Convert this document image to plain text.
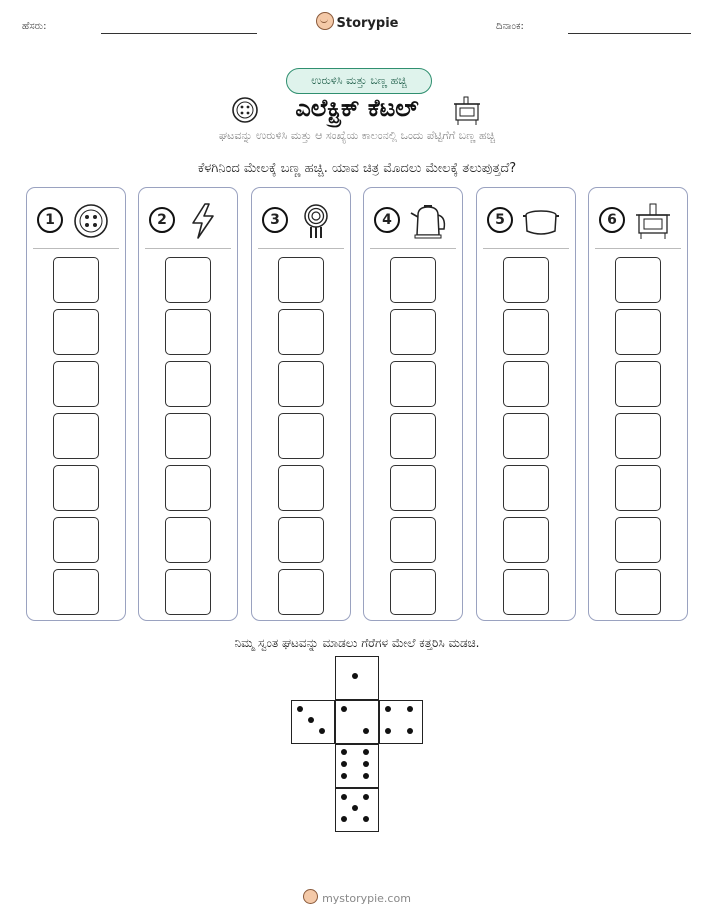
ಹೆಸರು:	Storypie	ದಿನಾಂಕ:
ಉರುಳಿಸಿ ಮತ್ತು ಬಣ್ಣ ಹಚ್ಚಿ
ಎಲೆಕ್ಟ್ರಿಕ್ ಕೆಟಲ್
ಘಟವನ್ನು ಉರುಳಿಸಿ ಮತ್ತು ಆ ಸಂಖ್ಯೆಯ ಕಾಲಂನಲ್ಲಿ ಒಂದು ಪೆಟ್ಟಿಗೆಗೆ ಬಣ್ಣ ಹಚ್ಚಿ
ಕೆಳಗಿನಿಂದ ಮೇಲಕ್ಕೆ ಬಣ್ಣ ಹಚ್ಚಿ. ಯಾವ ಚಿತ್ರ ಮೊದಲು ಮೇಲಕ್ಕೆ ತಲುಪುತ್ತದೆ?
1	2	3	4	5	6
ನಿಮ್ಮ ಸ್ವಂತ ಘಟವನ್ನು ಮಾಡಲು ಗೆರೆಗಳ ಮೇಲೆ ಕತ್ತರಿಸಿ ಮಡಚಿ.
mystorypie.com
